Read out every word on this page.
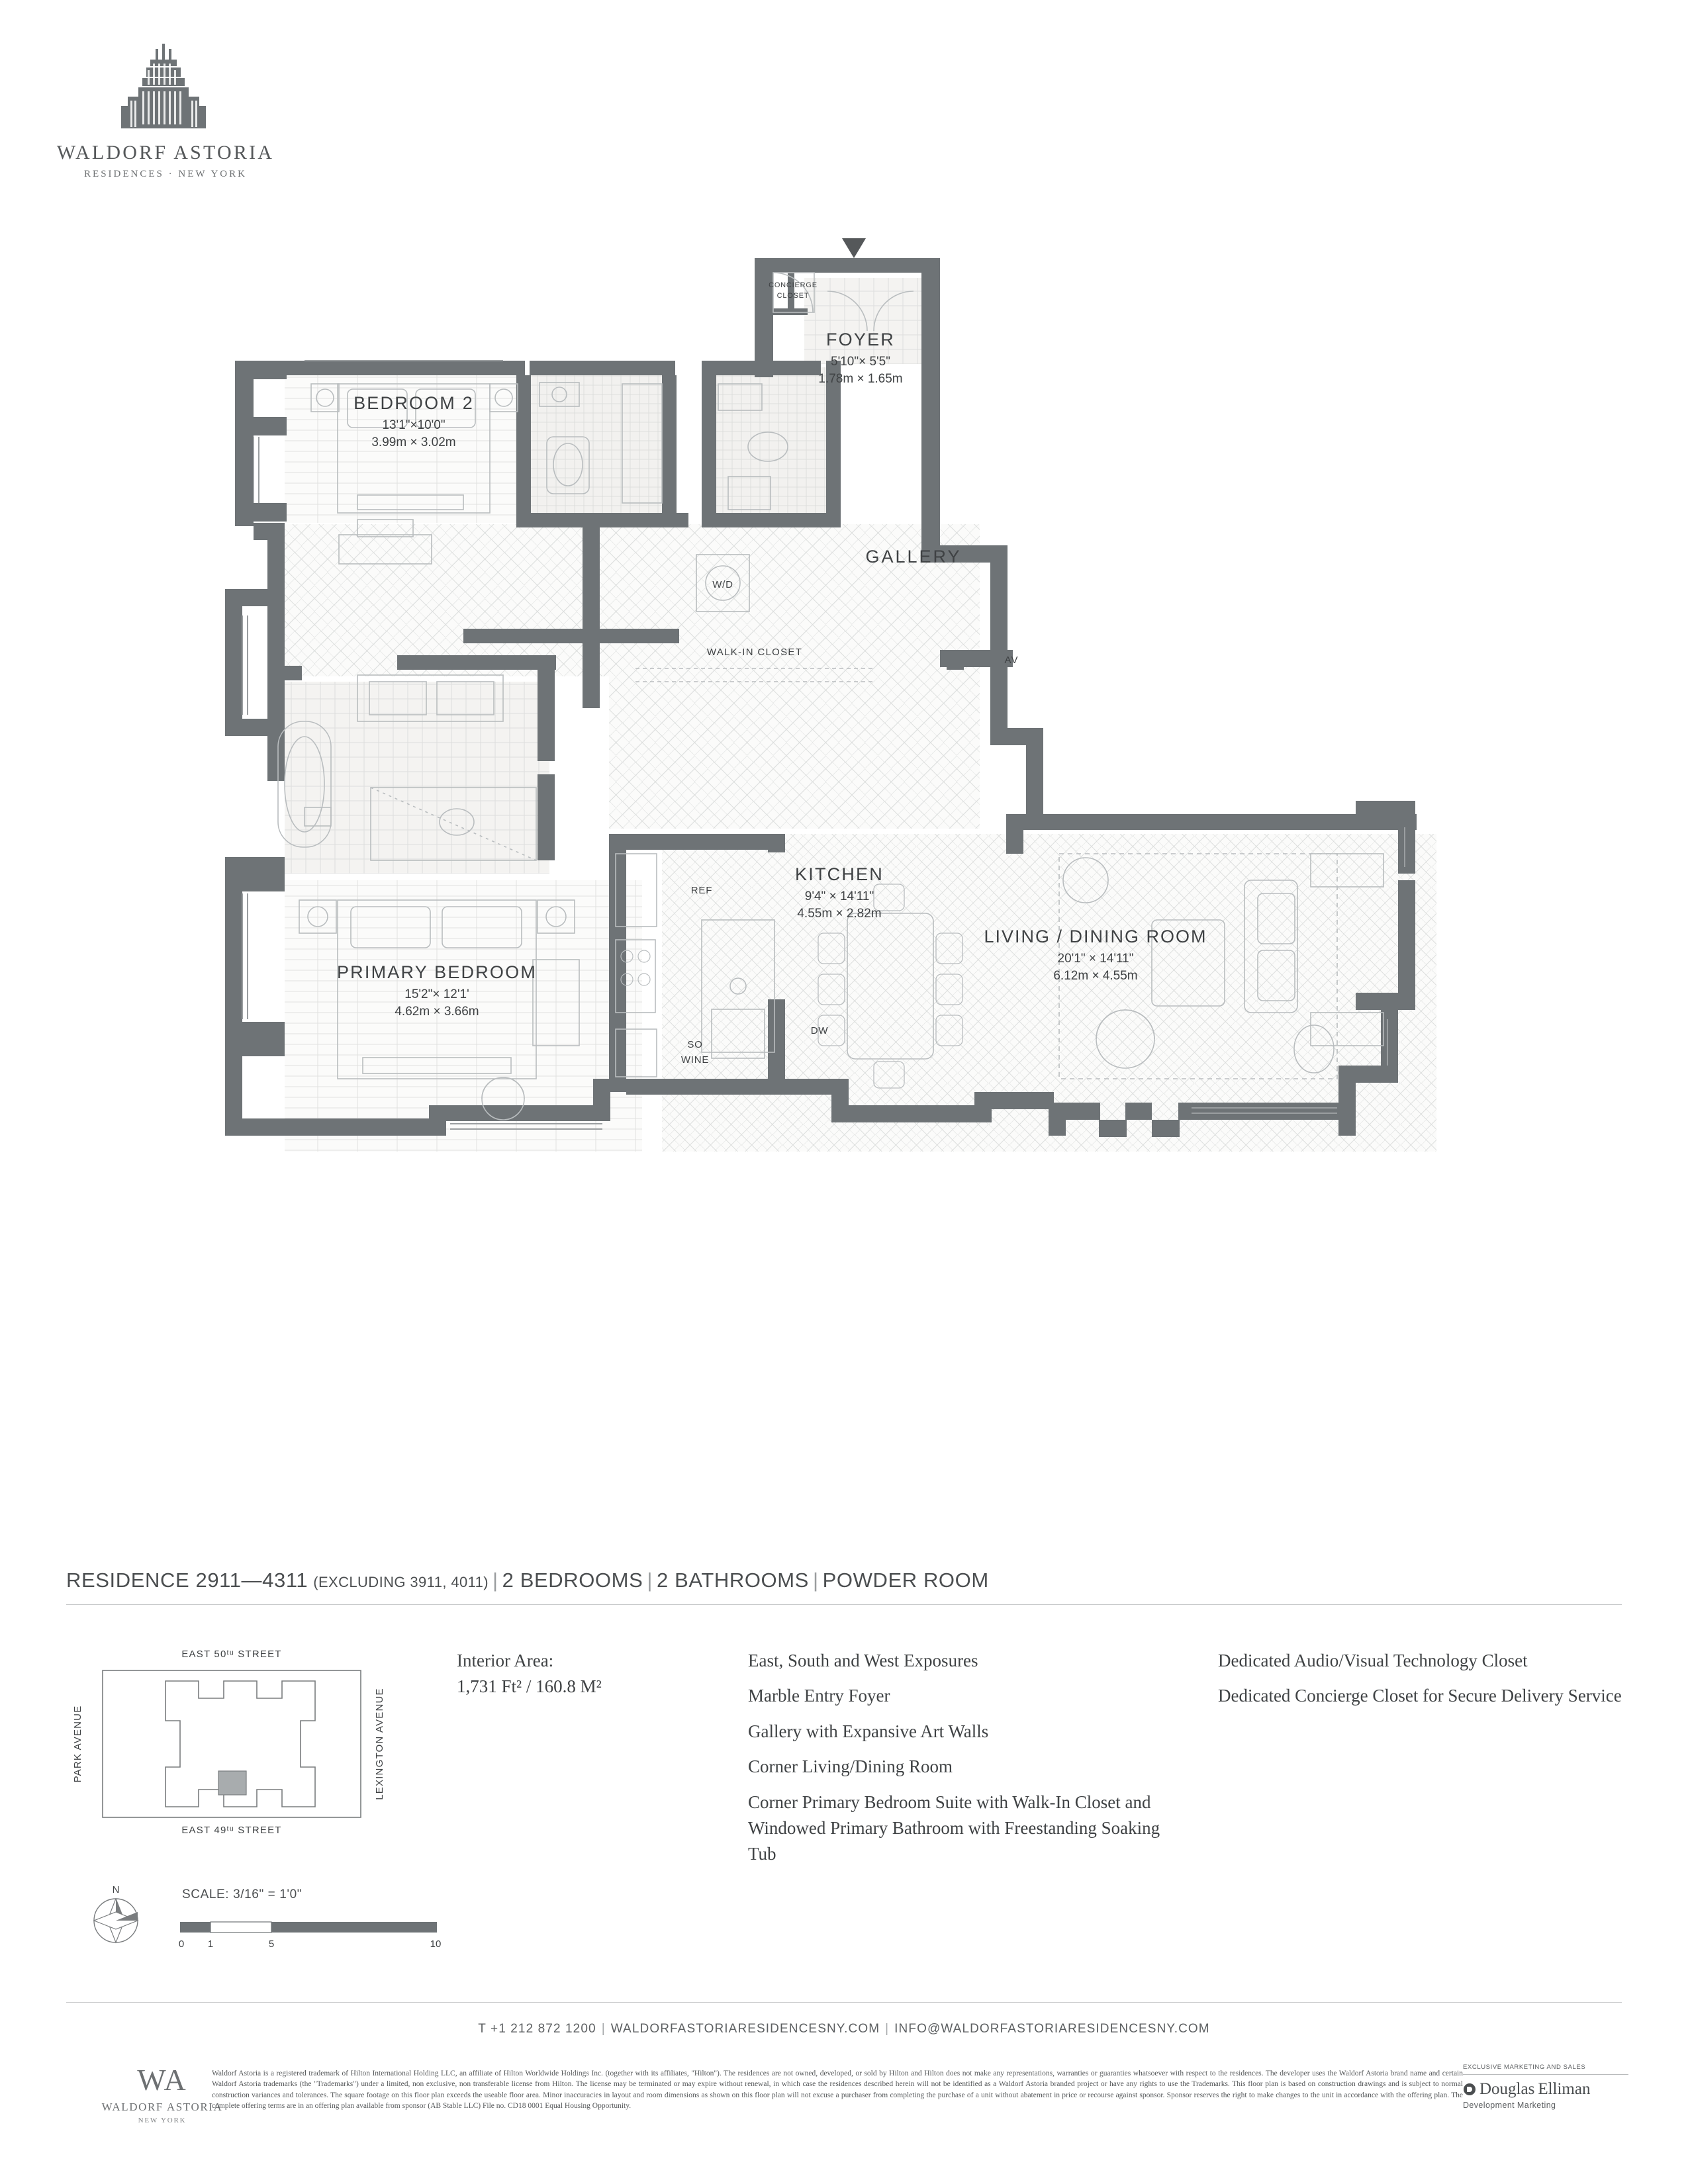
WALDORF ASTORIA
RESIDENCES · NEW YORK
FOYER
5'10"× 5'5"
1.78m × 1.65m
CONCIERGE
CLOSET
BEDROOM 2
13'1"×10'0"
3.99m × 3.02m
GALLERY
W/D
WALK-IN CLOSET
AV
KITCHEN
9'4" × 14'11"
4.55m × 2.82m
REF
DW
SO
WINE
LIVING / DINING ROOM
20'1" × 14'11"
6.12m × 4.55m
PRIMARY BEDROOM
15'2"× 12'1'
4.62m × 3.66m
RESIDENCE 2911—4311 (EXCLUDING 3911, 4011) | 2 BEDROOMS | 2 BATHROOMS | POWDER ROOM
EAST 50ᵗᵘ STREET
EAST 49ᵗᵘ STREET
PARK AVENUE	LEXINGTON AVENUE
Interior Area:
1,731 Ft² / 160.8 M²

East, South and West Exposures

Marble Entry Foyer

Gallery with Expansive Art Walls

Corner Living/Dining Room

Corner Primary Bedroom Suite with Walk-In Closet and Windowed Primary Bathroom with Freestanding Soaking Tub

Dedicated Audio/Visual Technology Closet

Dedicated Concierge Closet for Secure Delivery Service

SCALE: 3/16" = 1'0"
N
0 1	5	10
T +1 212 872 1200 | WALDORFASTORIARESIDENCESNY.COM | INFO@WALDORFASTORIARESIDENCESNY.COM
WA
WALDORF ASTORIA
NEW YORK
Waldorf Astoria is a registered trademark of Hilton International Holding LLC, an affiliate of Hilton Worldwide Holdings Inc. (together with its affiliates, "Hilton"). The residences are not owned, developed, or sold by Hilton and Hilton does not make any representations, warranties or guaranties whatsoever with respect to the residences. The developer uses the Waldorf Astoria brand name and certain Waldorf Astoria trademarks (the "Trademarks") under a limited, non exclusive, non transferable license from Hilton. The license may be terminated or may expire without renewal, in which case the residences described herein will not be identified as a Waldorf Astoria branded project or have any rights to use the Trademarks. This floor plan is based on construction drawings and is subject to normal construction variances and tolerances. The square footage on this floor plan exceeds the useable floor area. Minor inaccuracies in layout and room dimensions as shown on this floor plan will not excuse a purchaser from completing the purchase of a unit without abatement in price or recourse against sponsor. Sponsor reserves the right to make changes to the unit in accordance with the offering plan. The complete offering terms are in an offering plan available from sponsor (AB Stable LLC) File no. CD18 0001 Equal Housing Opportunity.
EXCLUSIVE MARKETING AND SALES
Douglas Elliman
Development Marketing
